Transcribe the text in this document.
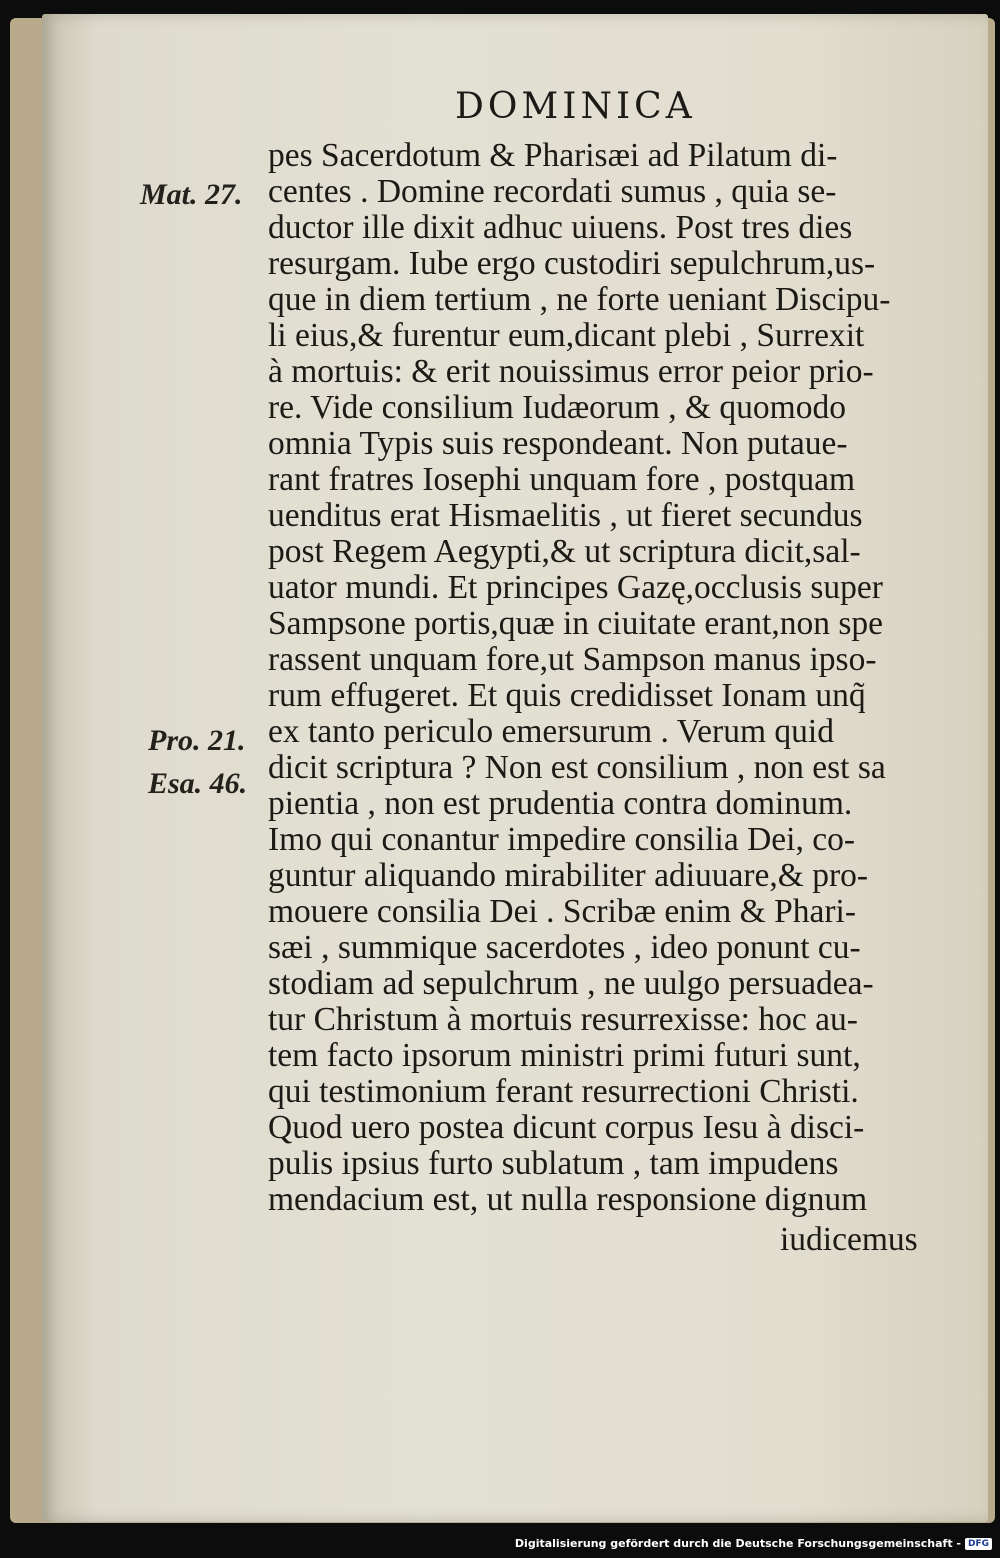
DOMINICA
Mat. 27.
Pro. 21.
Esa. 46.
pes Sacerdotum & Pharisæi ad Pilatum di-
centes . Domine recordati sumus , quia se-
ductor ille dixit adhuc uiuens. Post tres dies
resurgam. Iube ergo custodiri sepulchrum,us-
que in diem tertium , ne forte ueniant Discipu-
li eius,& furentur eum,dicant plebi , Surrexit
à mortuis: & erit nouissimus error peior prio-
re. Vide consilium Iudæorum , & quomodo
omnia Typis suis respondeant. Non putaue-
rant fratres Iosephi unquam fore , postquam
uenditus erat Hismaelitis , ut fieret secundus
post Regem Aegypti,& ut scriptura dicit,sal-
uator mundi. Et principes Gazę,occlusis super
Sampsone portis,quæ in ciuitate erant,non spe
rassent unquam fore,ut Sampson manus ipso-
rum effugeret. Et quis credidisset Ionam unq̃
ex tanto periculo emersurum . Verum quid
dicit scriptura ? Non est consilium , non est sa
pientia , non est prudentia contra dominum.
Imo qui conantur impedire consilia Dei, co-
guntur aliquando mirabiliter adiuuare,& pro-
mouere consilia Dei . Scribæ enim & Phari-
sæi , summique sacerdotes , ideo ponunt cu-
stodiam ad sepulchrum , ne uulgo persuadea-
tur Christum à mortuis resurrexisse: hoc au-
tem facto ipsorum ministri primi futuri sunt,
qui testimonium ferant resurrectioni Christi.
Quod uero postea dicunt corpus Iesu à disci-
pulis ipsius furto sublatum , tam impudens
mendacium est, ut nulla responsione dignum
iudicemus
Digitalisierung gefördert durch die Deutsche Forschungsgemeinschaft - DFG
